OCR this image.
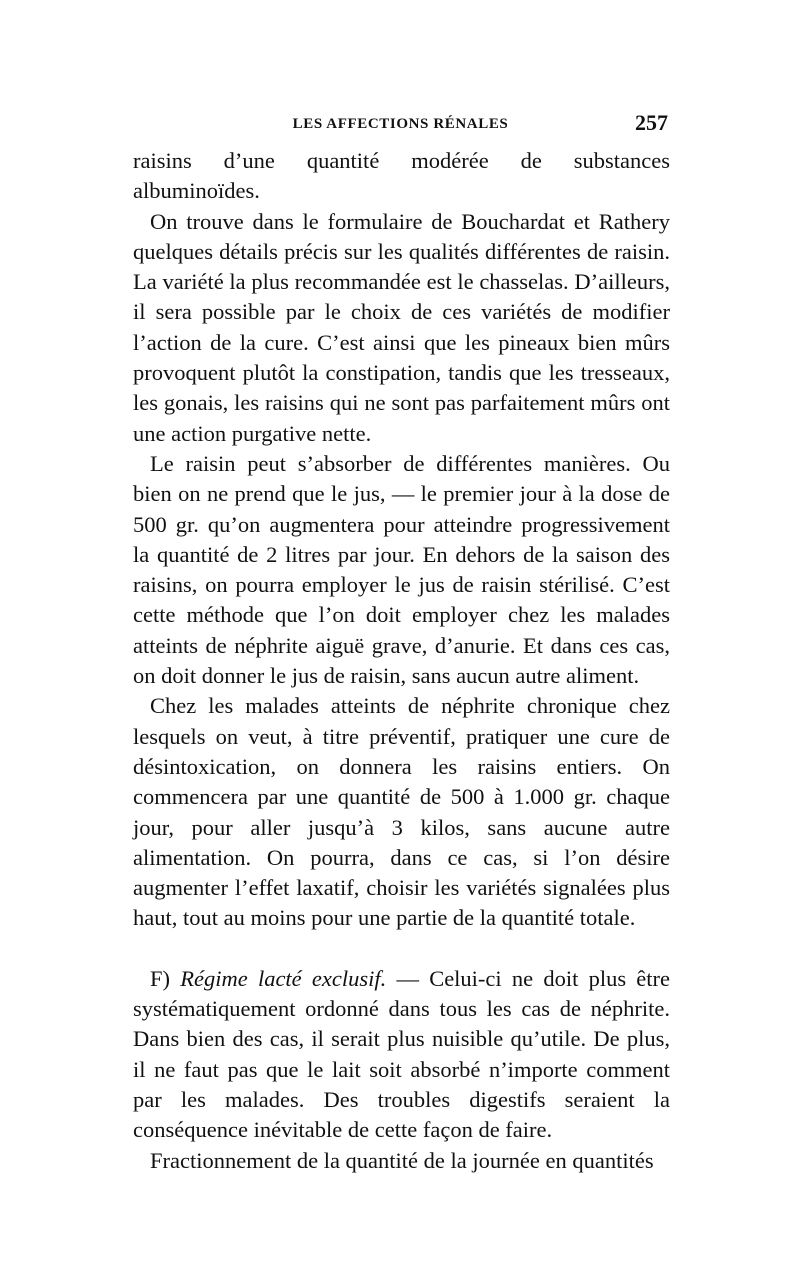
LES AFFECTIONS RÉNALES	257

raisins d’une quantité modérée de substances albuminoïdes.

On trouve dans le formulaire de Bouchardat et Rathery quelques détails précis sur les qualités différentes de raisin. La variété la plus recommandée est le chasselas. D’ailleurs, il sera possible par le choix de ces variétés de modifier l’action de la cure. C’est ainsi que les pineaux bien mûrs provoquent plutôt la constipation, tandis que les tresseaux, les gonais, les raisins qui ne sont pas parfaitement mûrs ont une action purgative nette.

Le raisin peut s’absorber de différentes manières. Ou bien on ne prend que le jus, — le premier jour à la dose de 500 gr. qu’on augmentera pour atteindre progressivement la quantité de 2 litres par jour. En dehors de la saison des raisins, on pourra employer le jus de raisin stérilisé. C’est cette méthode que l’on doit employer chez les malades atteints de néphrite aiguë grave, d’anurie. Et dans ces cas, on doit donner le jus de raisin, sans aucun autre aliment.

Chez les malades atteints de néphrite chronique chez lesquels on veut, à titre préventif, pratiquer une cure de désintoxication, on donnera les raisins entiers. On commencera par une quantité de 500 à 1.000 gr. chaque jour, pour aller jusqu’à 3 kilos, sans aucune autre alimentation. On pourra, dans ce cas, si l’on désire augmenter l’effet laxatif, choisir les variétés signalées plus haut, tout au moins pour une partie de la quantité totale.

F) Régime lacté exclusif. — Celui-ci ne doit plus être systématiquement ordonné dans tous les cas de néphrite. Dans bien des cas, il serait plus nuisible qu’utile. De plus, il ne faut pas que le lait soit absorbé n’importe comment par les malades. Des troubles digestifs seraient la conséquence inévitable de cette façon de faire.

Fractionnement de la quantité de la journée en quantités
